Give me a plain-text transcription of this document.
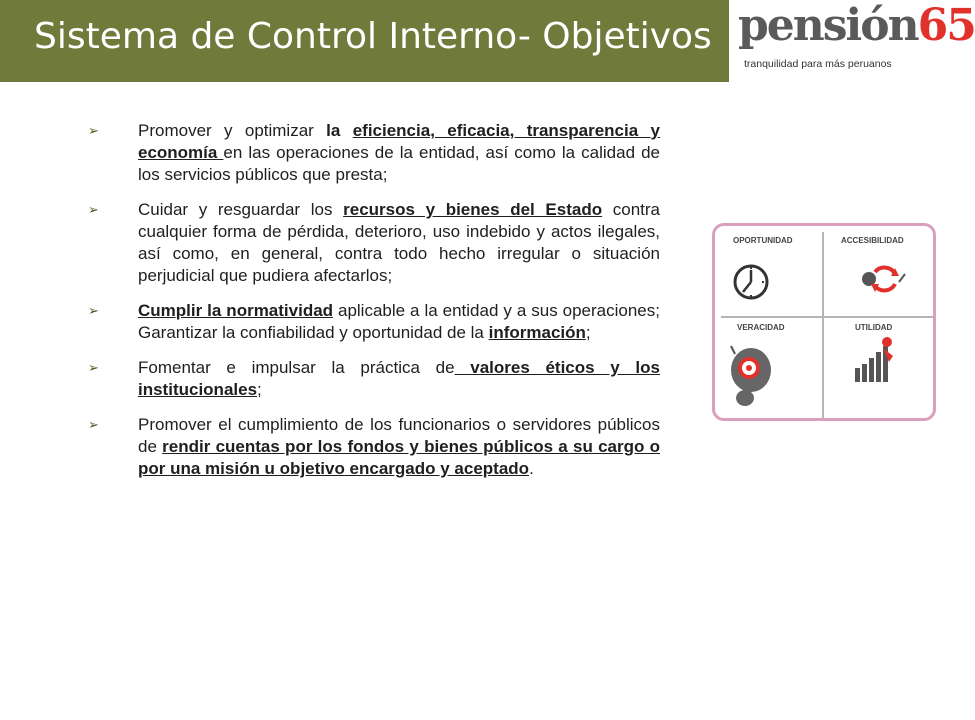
Sistema de Control Interno- Objetivos pensión65
tranquilidad para más peruanos
➢ Promover y optimizar la eficiencia, eficacia, transparencia y economía en las operaciones de la entidad, así como la calidad de los servicios públicos que presta;
➢ Cuidar y resguardar los recursos y bienes del Estado contra cualquier forma de pérdida, deterioro, uso indebido y actos ilegales, así como, en general, contra todo hecho irregular o situación perjudicial que pudiera afectarlos;
➢ Cumplir la normatividad aplicable a la entidad y a sus operaciones; Garantizar la confiabilidad y oportunidad de la información;
➢ Fomentar e impulsar la práctica de valores éticos y los institucionales;
➢ Promover el cumplimiento de los funcionarios o servidores públicos de rendir cuentas por los fondos y bienes públicos a su cargo o por una misión u objetivo encargado y aceptado.
OPORTUNIDAD	ACCESIBILIDAD
VERACIDAD	UTILIDAD
